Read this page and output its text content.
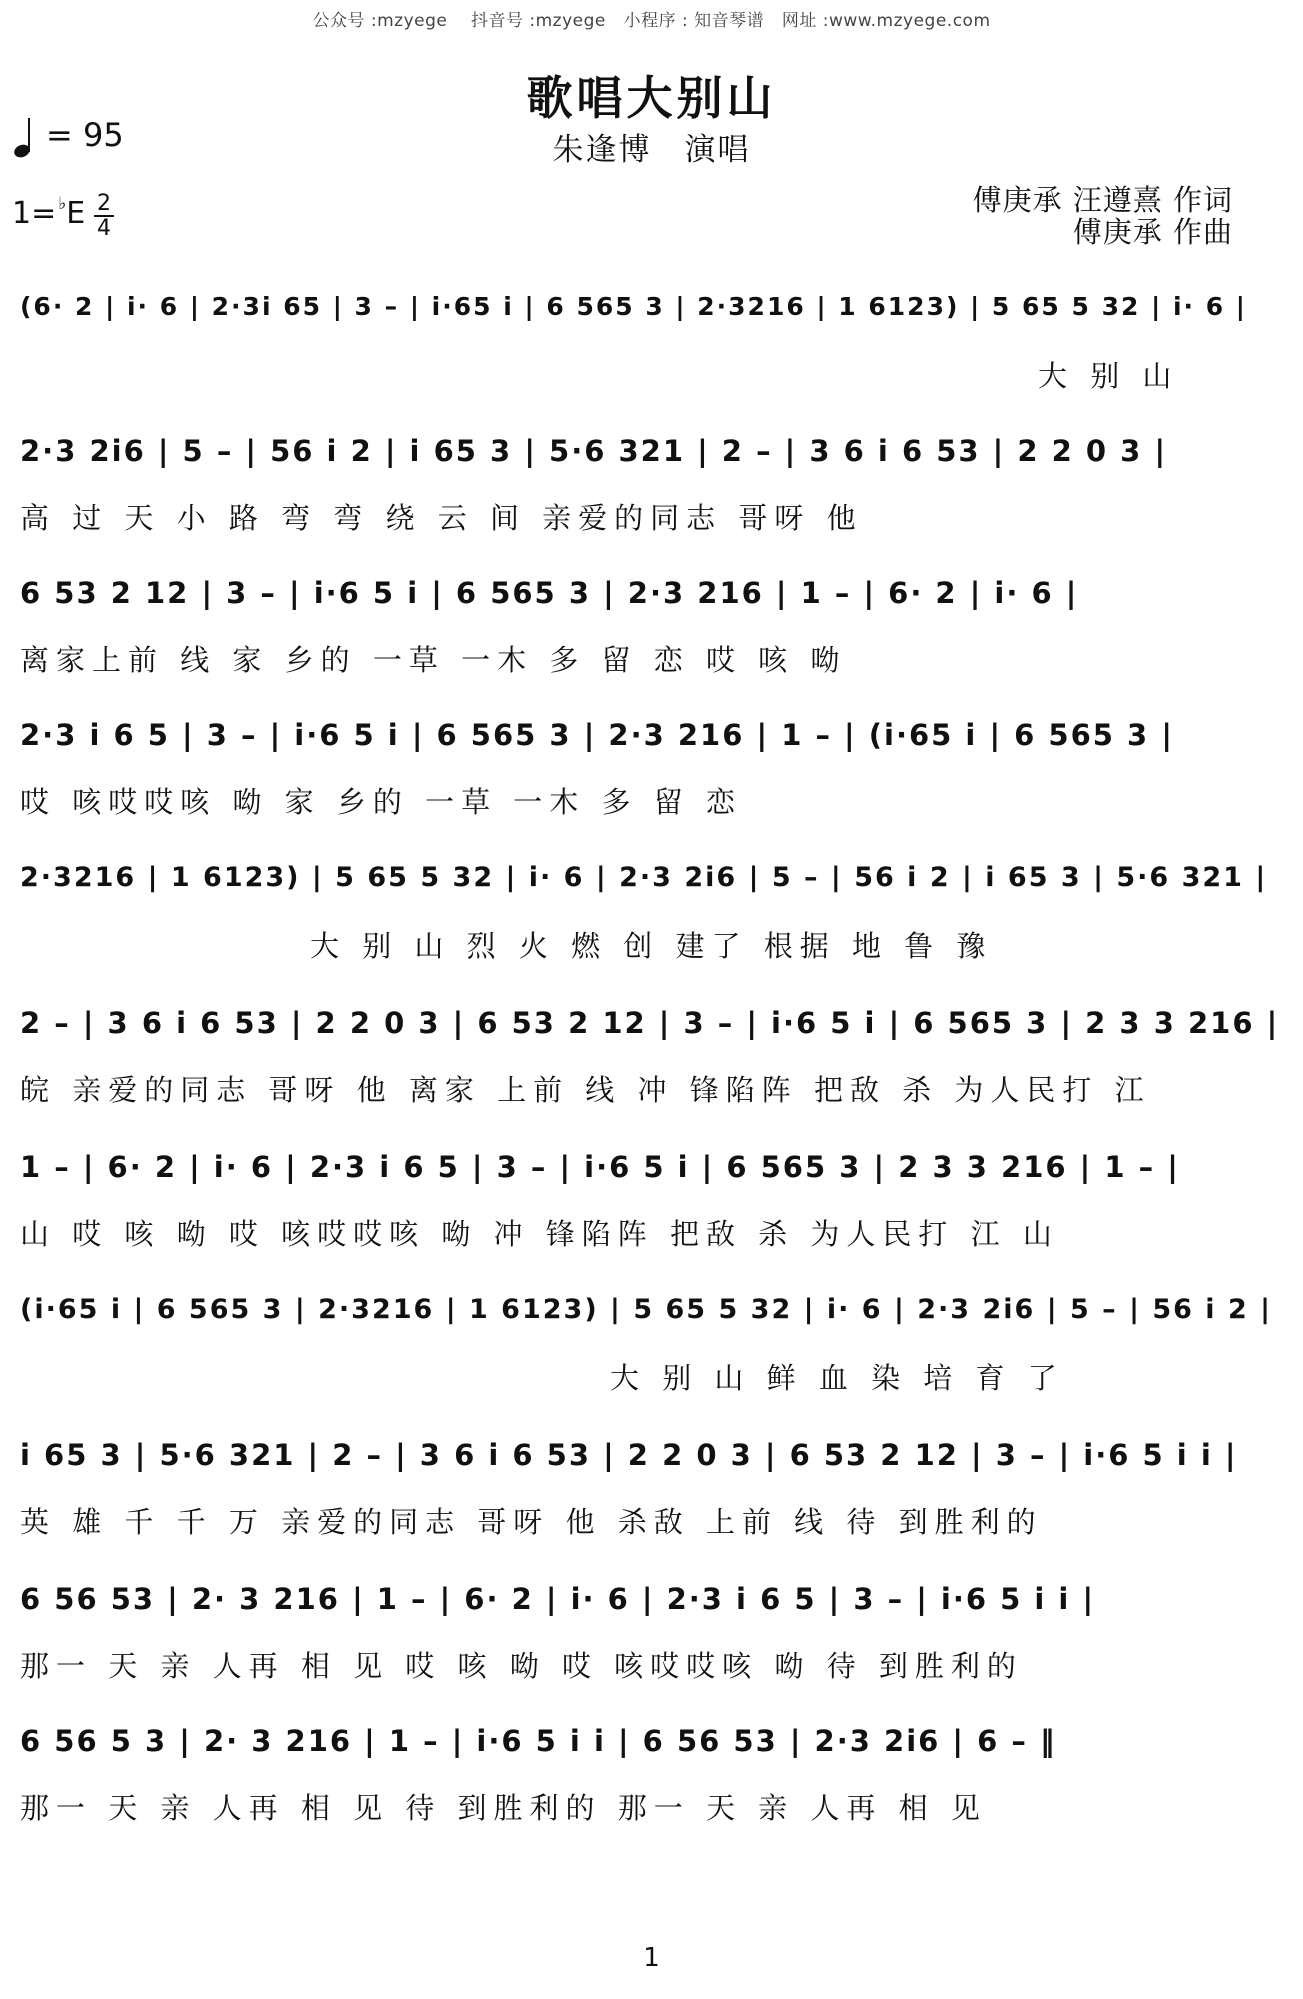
公众号 :mzyege 抖音号 :mzyege 小程序 : 知音琴谱 网址 :www.mzyege.com
歌唱大别山
朱逢博　演唱
= 95
1= ♭E 2
4
傅庚承 汪遵熹 作词
傅庚承 作曲
(6· 2 | i· 6 | 2·3i 65 | 3 – | i·65 i | 6 565 3 | 2·3216 | 1 6123) | 5 65 5 32 | i· 6 |
大 别 山
2·3 2i6 | 5 – | 56 i 2 | i 65 3 | 5·6 321 | 2 – | 3 6 i 6 53 | 2 2 0 3 |
高 过 天 小 路 弯 弯 绕 云 间 亲爱的同志 哥呀 他
6 53 2 12 | 3 – | i·6 5 i | 6 565 3 | 2·3 216 | 1 – | 6· 2 | i· 6 |
离家上前 线 家 乡的 一草 一木 多 留 恋 哎 咳 呦
2·3 i 6 5 | 3 – | i·6 5 i | 6 565 3 | 2·3 216 | 1 – | (i·65 i | 6 565 3 |
哎 咳哎哎咳 呦 家 乡的 一草 一木 多 留 恋
2·3216 | 1 6123) | 5 65 5 32 | i· 6 | 2·3 2i6 | 5 – | 56 i 2 | i 65 3 | 5·6 321 |
大 别 山 烈 火 燃 创 建了 根据 地 鲁 豫
2 – | 3 6 i 6 53 | 2 2 0 3 | 6 53 2 12 | 3 – | i·6 5 i | 6 565 3 | 2 3 3 216 |
皖 亲爱的同志 哥呀 他 离家 上前 线 冲 锋陷阵 把敌 杀 为人民打 江
1 – | 6· 2 | i· 6 | 2·3 i 6 5 | 3 – | i·6 5 i | 6 565 3 | 2 3 3 216 | 1 – |
山 哎 咳 呦 哎 咳哎哎咳 呦 冲 锋陷阵 把敌 杀 为人民打 江 山
(i·65 i | 6 565 3 | 2·3216 | 1 6123) | 5 65 5 32 | i· 6 | 2·3 2i6 | 5 – | 56 i 2 |
大 别 山 鲜 血 染 培 育 了
i 65 3 | 5·6 321 | 2 – | 3 6 i 6 53 | 2 2 0 3 | 6 53 2 12 | 3 – | i·6 5 i i |
英 雄 千 千 万 亲爱的同志 哥呀 他 杀敌 上前 线 待 到胜利的
6 56 53 | 2· 3 216 | 1 – | 6· 2 | i· 6 | 2·3 i 6 5 | 3 – | i·6 5 i i |
那一 天 亲 人再 相 见 哎 咳 呦 哎 咳哎哎咳 呦 待 到胜利的
6 56 5 3 | 2· 3 216 | 1 – | i·6 5 i i | 6 56 53 | 2·3 2i6 | 6 – ‖
那一 天 亲 人再 相 见 待 到胜利的 那一 天 亲 人再 相 见
1
